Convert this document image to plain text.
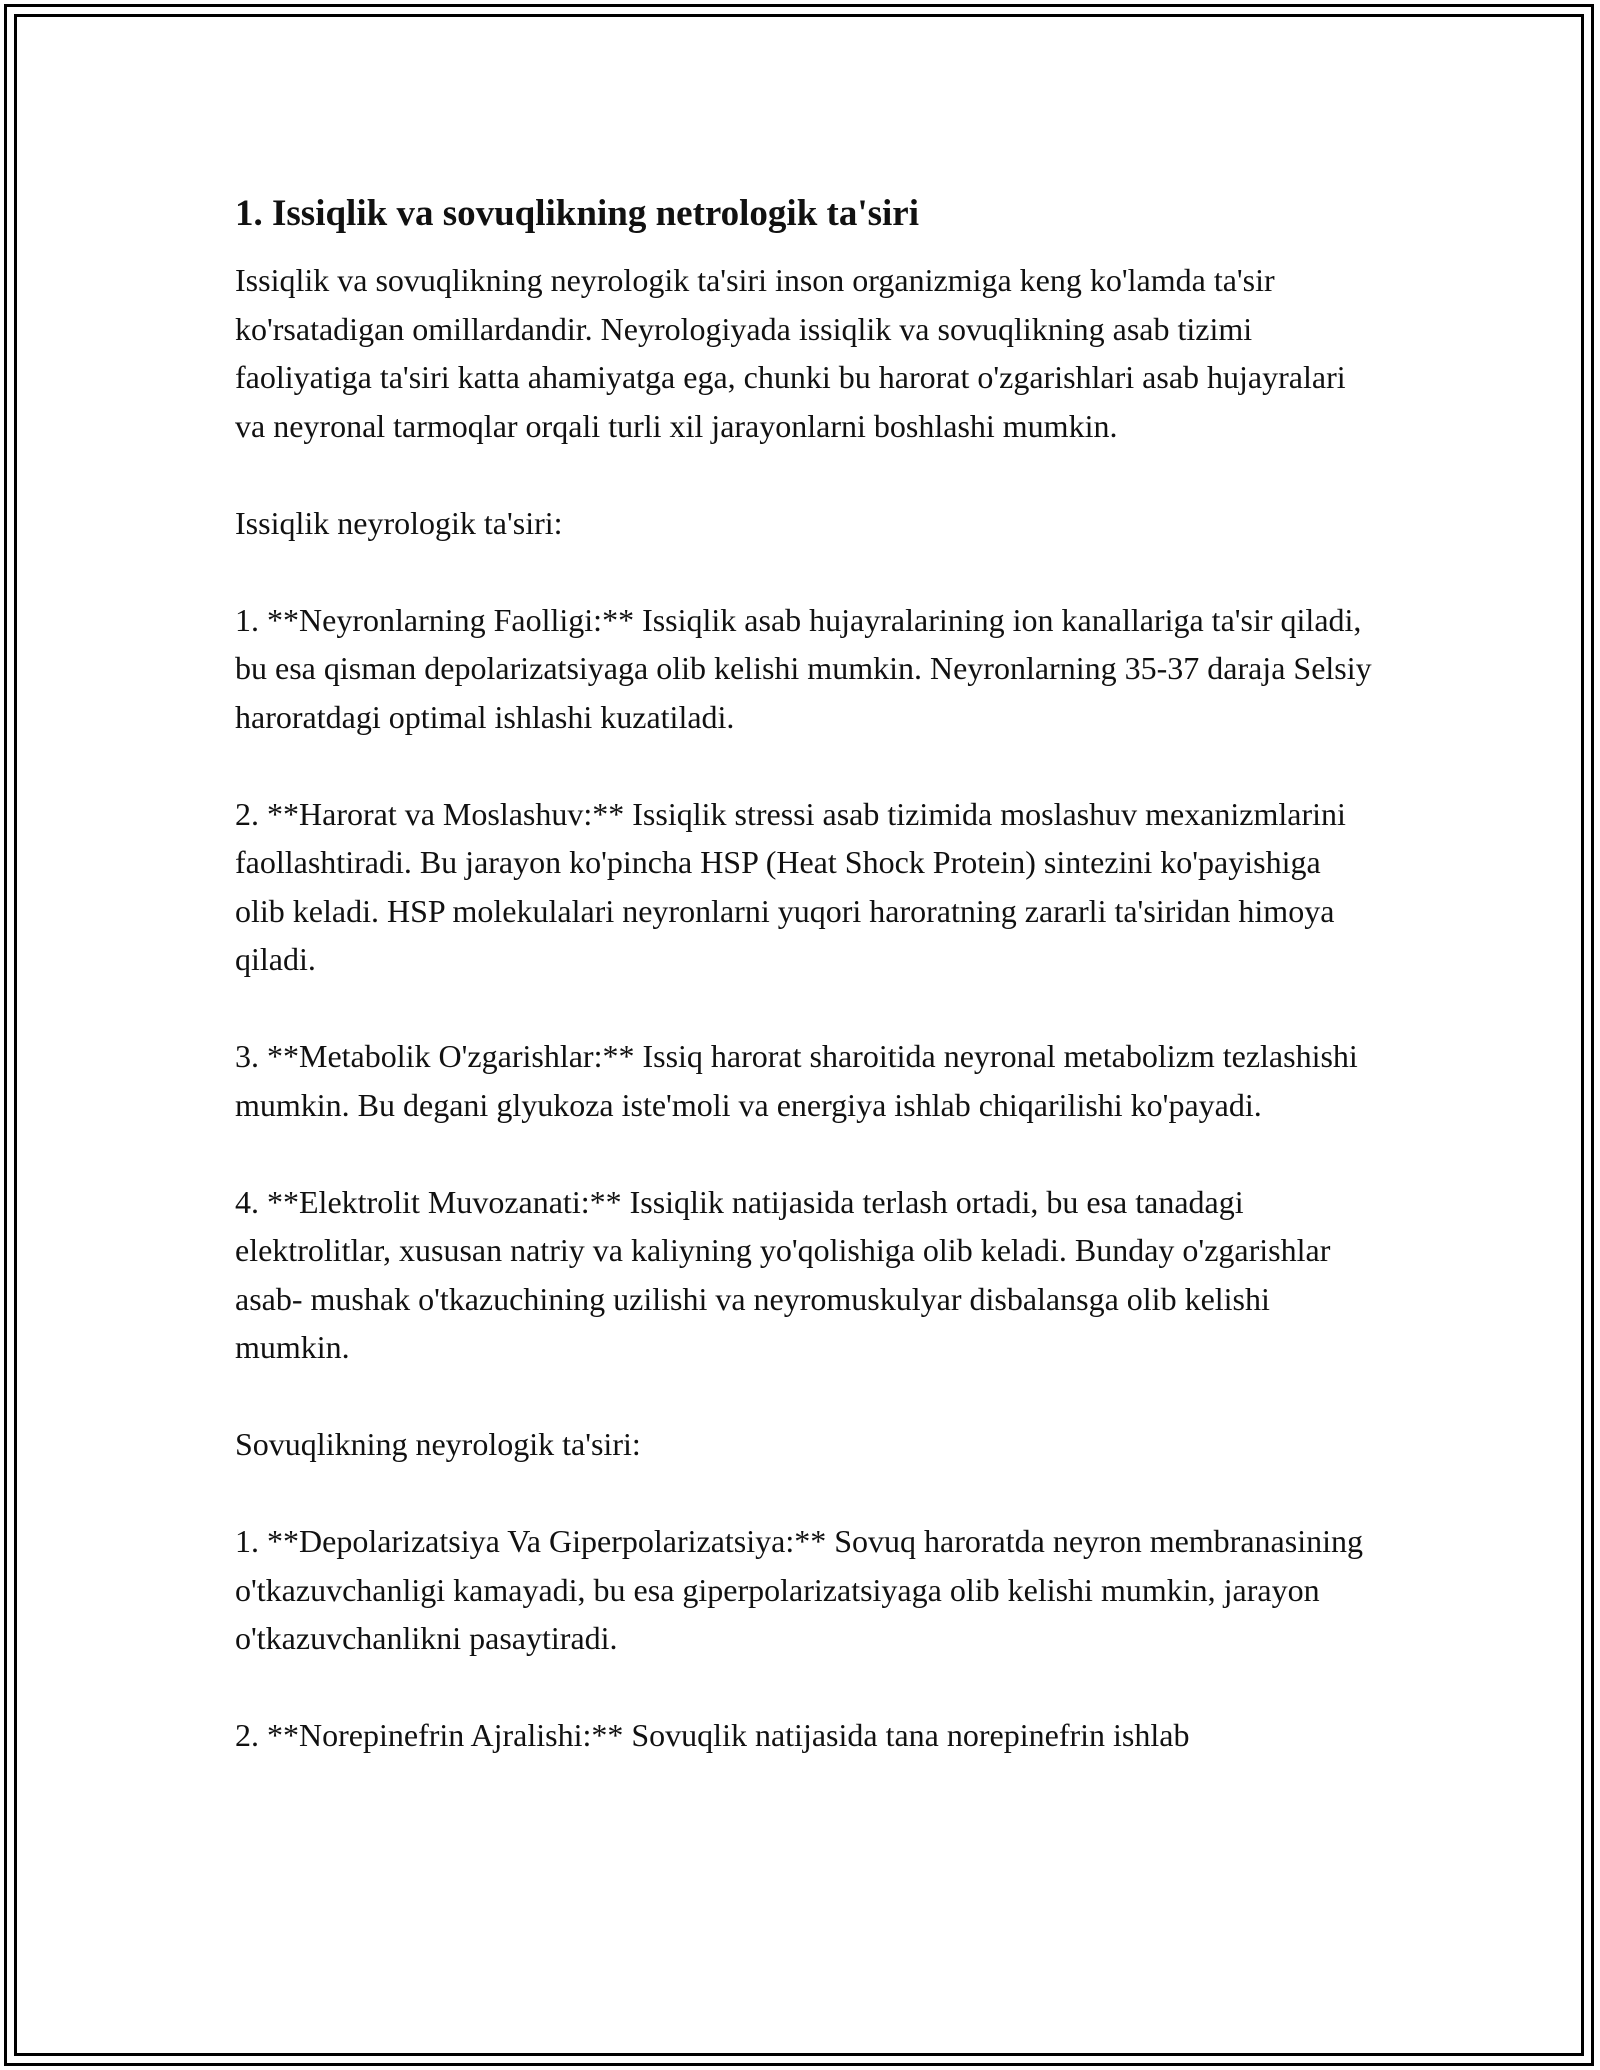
1. Issiqlik va sovuqlikning netrologik ta'siri

Issiqlik va sovuqlikning neyrologik ta'siri inson organizmiga keng ko'lamda ta'sir ko'rsatadigan omillardandir. Neyrologiyada issiqlik va sovuqlikning asab tizimi faoliyatiga ta'siri katta ahamiyatga ega, chunki bu harorat o'zgarishlari asab hujayralari va neyronal tarmoqlar orqali turli xil jarayonlarni boshlashi mumkin.

Issiqlik neyrologik ta'siri:

1. **Neyronlarning Faolligi:** Issiqlik asab hujayralarining ion kanallariga ta'sir qiladi, bu esa qisman depolarizatsiyaga olib kelishi mumkin. Neyronlarning 35-37 daraja Selsiy haroratdagi optimal ishlashi kuzatiladi.

2. **Harorat va Moslashuv:** Issiqlik stressi asab tizimida moslashuv mexanizmlarini faollashtiradi. Bu jarayon ko'pincha HSP (Heat Shock Protein) sintezini ko'payishiga olib keladi. HSP molekulalari neyronlarni yuqori haroratning zararli ta'siridan himoya qiladi.

3. **Metabolik O'zgarishlar:** Issiq harorat sharoitida neyronal metabolizm tezlashishi mumkin. Bu degani glyukoza iste'moli va energiya ishlab chiqarilishi ko'payadi.

4. **Elektrolit Muvozanati:** Issiqlik natijasida terlash ortadi, bu esa tanadagi elektrolitlar, xususan natriy va kaliyning yo'qolishiga olib keladi. Bunday o'zgarishlar asab- mushak o'tkazuchining uzilishi va neyromuskulyar disbalansga olib kelishi mumkin.

Sovuqlikning neyrologik ta'siri:

1. **Depolarizatsiya Va Giperpolarizatsiya:** Sovuq haroratda neyron membranasining o'tkazuvchanligi kamayadi, bu esa giperpolarizatsiyaga olib kelishi mumkin, jarayon o'tkazuvchanlikni pasaytiradi.

2. **Norepinefrin Ajralishi:** Sovuqlik natijasida tana norepinefrin ishlab
